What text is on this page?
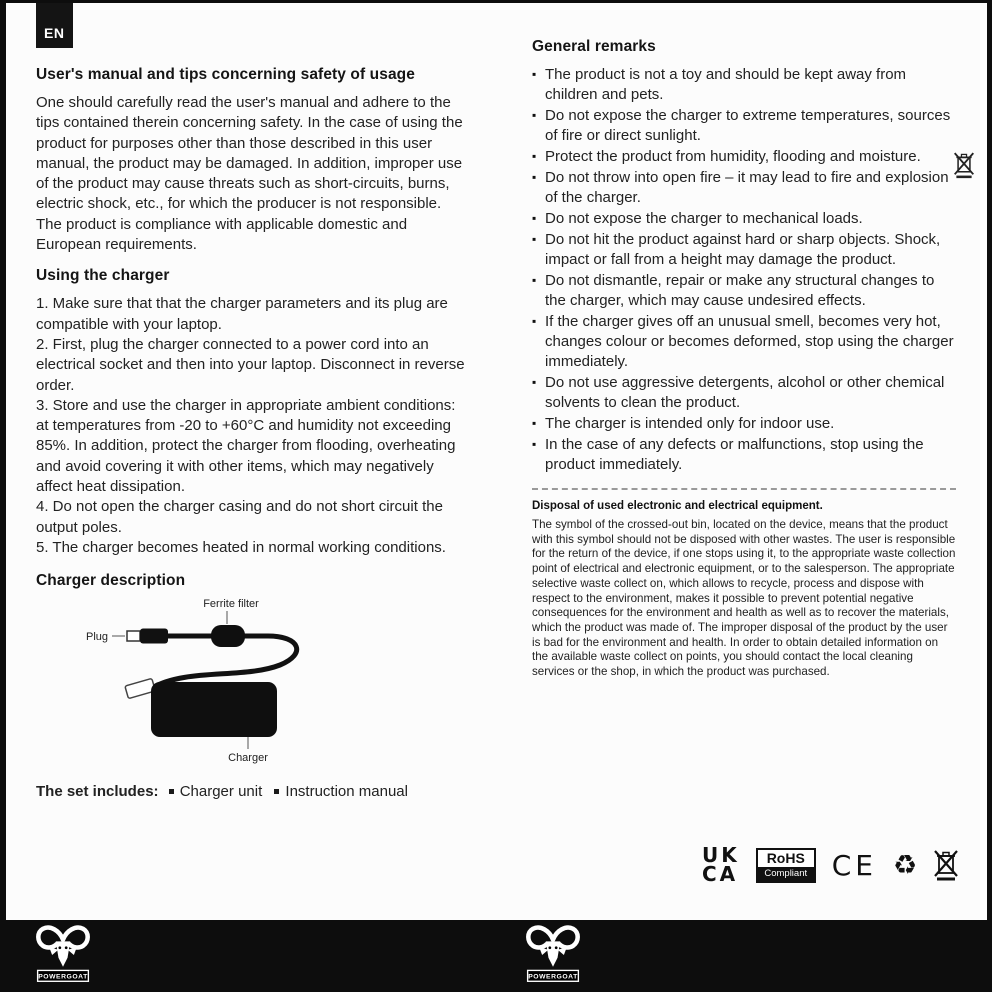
EN
User's manual and tips concerning safety of usage

One should carefully read the user's manual and adhere to the tips contained therein concerning safety. In the case of using the product for purposes other than those described in this user manual, the product may be damaged. In addition, improper use of the product may cause threats such as short-circuits, burns, electric shock, etc., for which the producer is not responsible. The product is compliance with applicable domestic and European requirements.

Using the charger

1. Make sure that that the charger parameters and its plug are compatible with your laptop.

2. First, plug the charger connected to a power cord into an electrical socket and then into your laptop. Disconnect in reverse order.

3. Store and use the charger in appropriate ambient conditions: at temperatures from -20 to +60°C and humidity not exceeding 85%. In addition, protect the charger from flooding, overheating and avoid covering it with other items, which may negatively affect heat dissipation.

4. Do not open the charger casing and do not short circuit the output poles.

5. The charger becomes heated in normal working conditions.

Charger description
Ferrite filter
Plug
Charger

The set includes: Charger unit Instruction manual

General remarks
▪ The product is not a toy and should be kept away from children and pets.
▪ Do not expose the charger to extreme temperatures, sources of fire or direct sunlight.
▪ Protect the product from humidity, flooding and moisture.
▪ Do not throw into open fire – it may lead to fire and explosion of the charger.
▪ Do not expose the charger to mechanical loads.
▪ Do not hit the product against hard or sharp objects. Shock, impact or fall from a height may damage the product.
▪ Do not dismantle, repair or make any structural changes to the charger, which may cause undesired effects.
▪ If the charger gives off an unusual smell, becomes very hot, changes colour or becomes deformed, stop using the charger immediately.
▪ Do not use aggressive detergents, alcohol or other chemical solvents to clean the product.
▪ The charger is intended only for indoor use.
▪ In the case of any defects or malfunctions, stop using the product immediately.
Disposal of used electronic and electrical equipment.

The symbol of the crossed-out bin, located on the device, means that the product with this symbol should not be disposed with other wastes. The user is responsible for the return of the device, if one stops using it, to the appropriate waste collection point of electrical and electronic equipment, or to the salesperson. The appropriate selective waste collect on, which allows to recycle, process and dispose with respect to the environment, makes it possible to prevent potential negative consequences for the environment and health as well as to recover the materials, which the product was made of. The improper disposal of the product by the user is bad for the environment and health. In order to obtain detailed information on the available waste collect on points, you should contact the local cleaning services or the shop, in which the product was purchased.

UK
CA
RoHS
Compliant CE ♻
POWERGOAT	POWERGOAT
